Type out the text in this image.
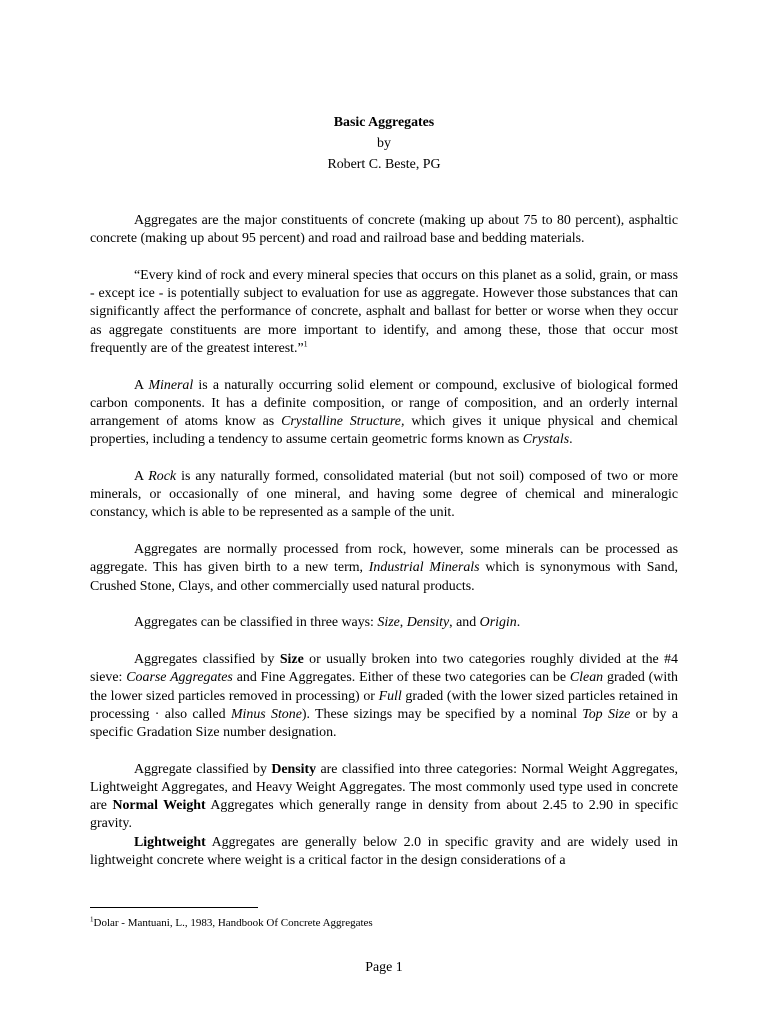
Basic Aggregates
by
Robert C. Beste, PG

Aggregates are the major constituents of concrete (making up about 75 to 80 percent), asphaltic concrete (making up about 95 percent) and road and railroad base and bedding materials.

“Every kind of rock and every mineral species that occurs on this planet as a solid, grain, or mass - except ice - is potentially subject to evaluation for use as aggregate. However those substances that can significantly affect the performance of concrete, asphalt and ballast for better or worse when they occur as aggregate constituents are more important to identify, and among these, those that occur most frequently are of the greatest interest.”$^1$

A Mineral is a naturally occurring solid element or compound, exclusive of biological formed carbon components. It has a definite composition, or range of composition, and an orderly internal arrangement of atoms know as Crystalline Structure, which gives it unique physical and chemical properties, including a tendency to assume certain geometric forms known as Crystals.

A Rock is any naturally formed, consolidated material (but not soil) composed of two or more minerals, or occasionally of one mineral, and having some degree of chemical and mineralogic constancy, which is able to be represented as a sample of the unit.

Aggregates are normally processed from rock, however, some minerals can be processed as aggregate. This has given birth to a new term, Industrial Minerals which is synonymous with Sand, Crushed Stone, Clays, and other commercially used natural products.

Aggregates can be classified in three ways: Size, Density, and Origin.

Aggregates classified by Size or usually broken into two categories roughly divided at the #4 sieve: Coarse Aggregates and Fine Aggregates. Either of these two categories can be Clean graded (with the lower sized particles removed in processing) or Full graded (with the lower sized particles retained in processing · also called Minus Stone). These sizings may be specified by a nominal Top Size or by a specific Gradation Size number designation.

Aggregate classified by Density are classified into three categories: Normal Weight Aggregates, Lightweight Aggregates, and Heavy Weight Aggregates. The most commonly used type used in concrete are Normal Weight Aggregates which generally range in density from about 2.45 to 2.90 in specific gravity.

Lightweight Aggregates are generally below 2.0 in specific gravity and are widely used in lightweight concrete where weight is a critical factor in the design considerations of a

$^1$Dolar - Mantuani, L., 1983, Handbook Of Concrete Aggregates
Page 1
